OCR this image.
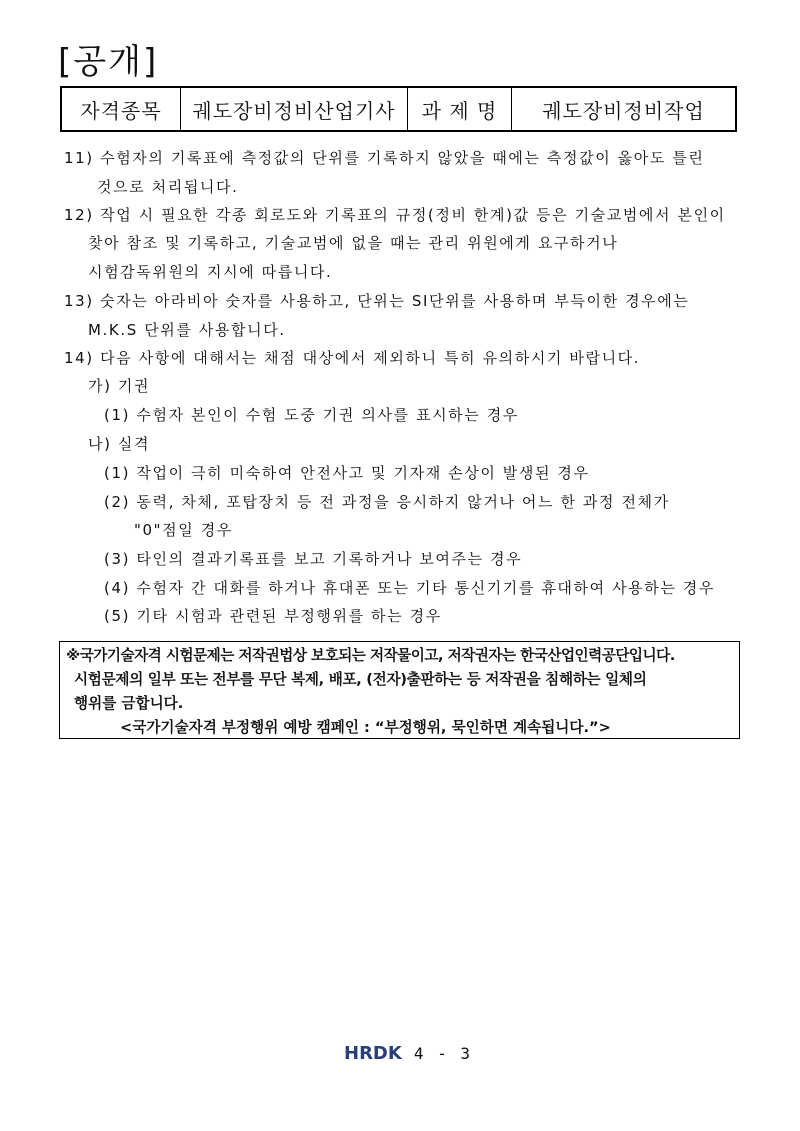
[공개]
자격종목	궤도장비정비산업기사	과 제 명	궤도장비정비작업
11) 수험자의 기록표에 측정값의 단위를 기록하지 않았을 때에는 측정값이 옳아도 틀린
것으로 처리됩니다.
12) 작업 시 필요한 각종 회로도와 기록표의 규정(정비 한계)값 등은 기술교범에서 본인이
찾아 참조 및 기록하고, 기술교범에 없을 때는 관리 위원에게 요구하거나
시험감독위원의 지시에 따릅니다.
13) 숫자는 아라비아 숫자를 사용하고, 단위는 SI단위를 사용하며 부득이한 경우에는
M.K.S 단위를 사용합니다.
14) 다음 사항에 대해서는 채점 대상에서 제외하니 특히 유의하시기 바랍니다.
가) 기권
(1) 수험자 본인이 수험 도중 기권 의사를 표시하는 경우
나) 실격
(1) 작업이 극히 미숙하여 안전사고 및 기자재 손상이 발생된 경우
(2) 동력, 차체, 포탑장치 등 전 과정을 응시하지 않거나 어느 한 과정 전체가
"0"점일 경우
(3) 타인의 결과기록표를 보고 기록하거나 보여주는 경우
(4) 수험자 간 대화를 하거나 휴대폰 또는 기타 통신기기를 휴대하여 사용하는 경우
(5) 기타 시험과 관련된 부정행위를 하는 경우
※국가기술자격 시험문제는 저작권법상 보호되는 저작물이고, 저작권자는 한국산업인력공단입니다.
시험문제의 일부 또는 전부를 무단 복제, 배포, (전자)출판하는 등 저작권을 침해하는 일체의
행위를 금합니다.
<국가기술자격 부정행위 예방 캠페인 : “부정행위, 묵인하면 계속됩니다.”>
HRDK 4 - 3
